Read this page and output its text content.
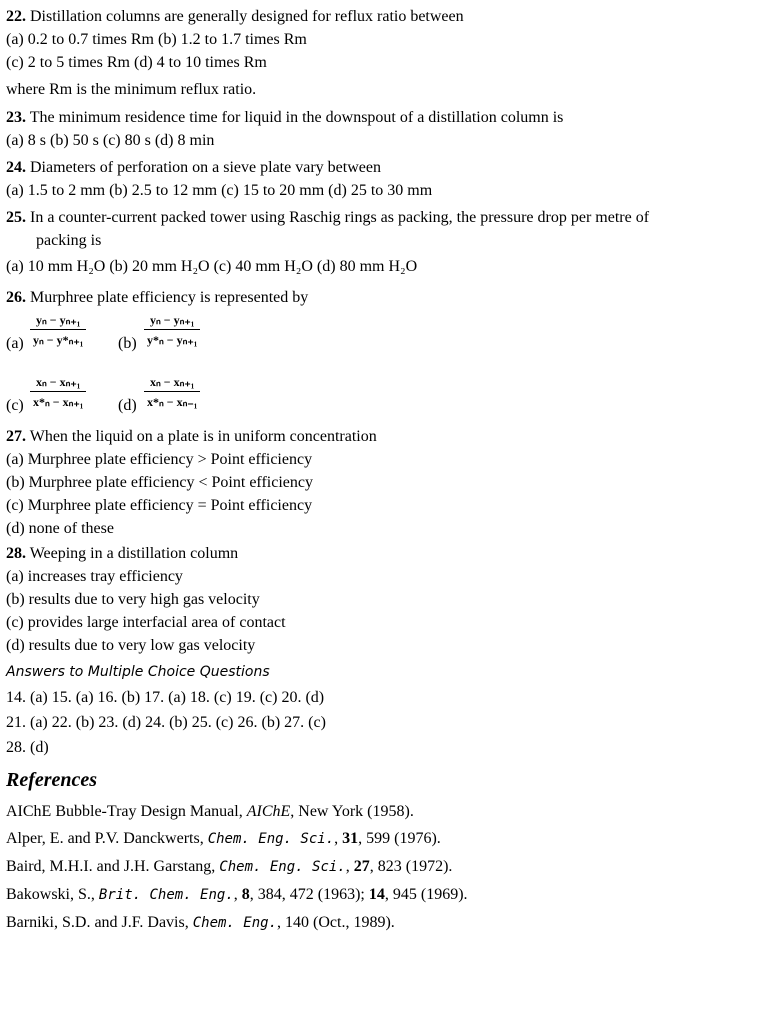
22. Distillation columns are generally designed for reflux ratio between
(a) 0.2 to 0.7 times Rm (b) 1.2 to 1.7 times Rm
(c) 2 to 5 times Rm (d) 4 to 10 times Rm
where Rm is the minimum reflux ratio.
23. The minimum residence time for liquid in the downspout of a distillation column is
(a) 8 s (b) 50 s (c) 80 s (d) 8 min
24. Diameters of perforation on a sieve plate vary between
(a) 1.5 to 2 mm (b) 2.5 to 12 mm (c) 15 to 20 mm (d) 25 to 30 mm
25. In a counter-current packed tower using Raschig rings as packing, the pressure drop per metre of
packing is
(a) 10 mm H₂O (b) 20 mm H₂O (c) 40 mm H₂O (d) 80 mm H₂O
26. Murphree plate efficiency is represented by
$(a) \frac{\text{yₙ − yₙ₊₁}}{\text{yₙ − y*ₙ₊₁}} (b) \frac{\text{yₙ − yₙ₊₁}}{\text{y*ₙ − yₙ₊₁}}$
$(c) \frac{\text{xₙ − xₙ₊₁}}{\text{x*ₙ − xₙ₊₁}} (d) \frac{\text{xₙ − xₙ₊₁}}{\text{x*ₙ − xₙ₋₁}}$
27. When the liquid on a plate is in uniform concentration
(a) Murphree plate efficiency > Point efficiency
(b) Murphree plate efficiency < Point efficiency
(c) Murphree plate efficiency = Point efficiency
(d) none of these
28. Weeping in a distillation column
(a) increases tray efficiency
(b) results due to very high gas velocity
(c) provides large interfacial area of contact
(d) results due to very low gas velocity
Answers to Multiple Choice Questions
14. (a) 15. (a) 16. (b) 17. (a) 18. (c) 19. (c) 20. (d)
21. (a) 22. (b) 23. (d) 24. (b) 25. (c) 26. (b) 27. (c)
28. (d)
References
AIChE Bubble-Tray Design Manual, AIChE, New York (1958).
Alper, E. and P.V. Danckwerts, Chem. Eng. Sci., 31, 599 (1976).
Baird, M.H.I. and J.H. Garstang, Chem. Eng. Sci., 27, 823 (1972).
Bakowski, S., Brit. Chem. Eng., 8, 384, 472 (1963); 14, 945 (1969).
Barniki, S.D. and J.F. Davis, Chem. Eng., 140 (Oct., 1989).
